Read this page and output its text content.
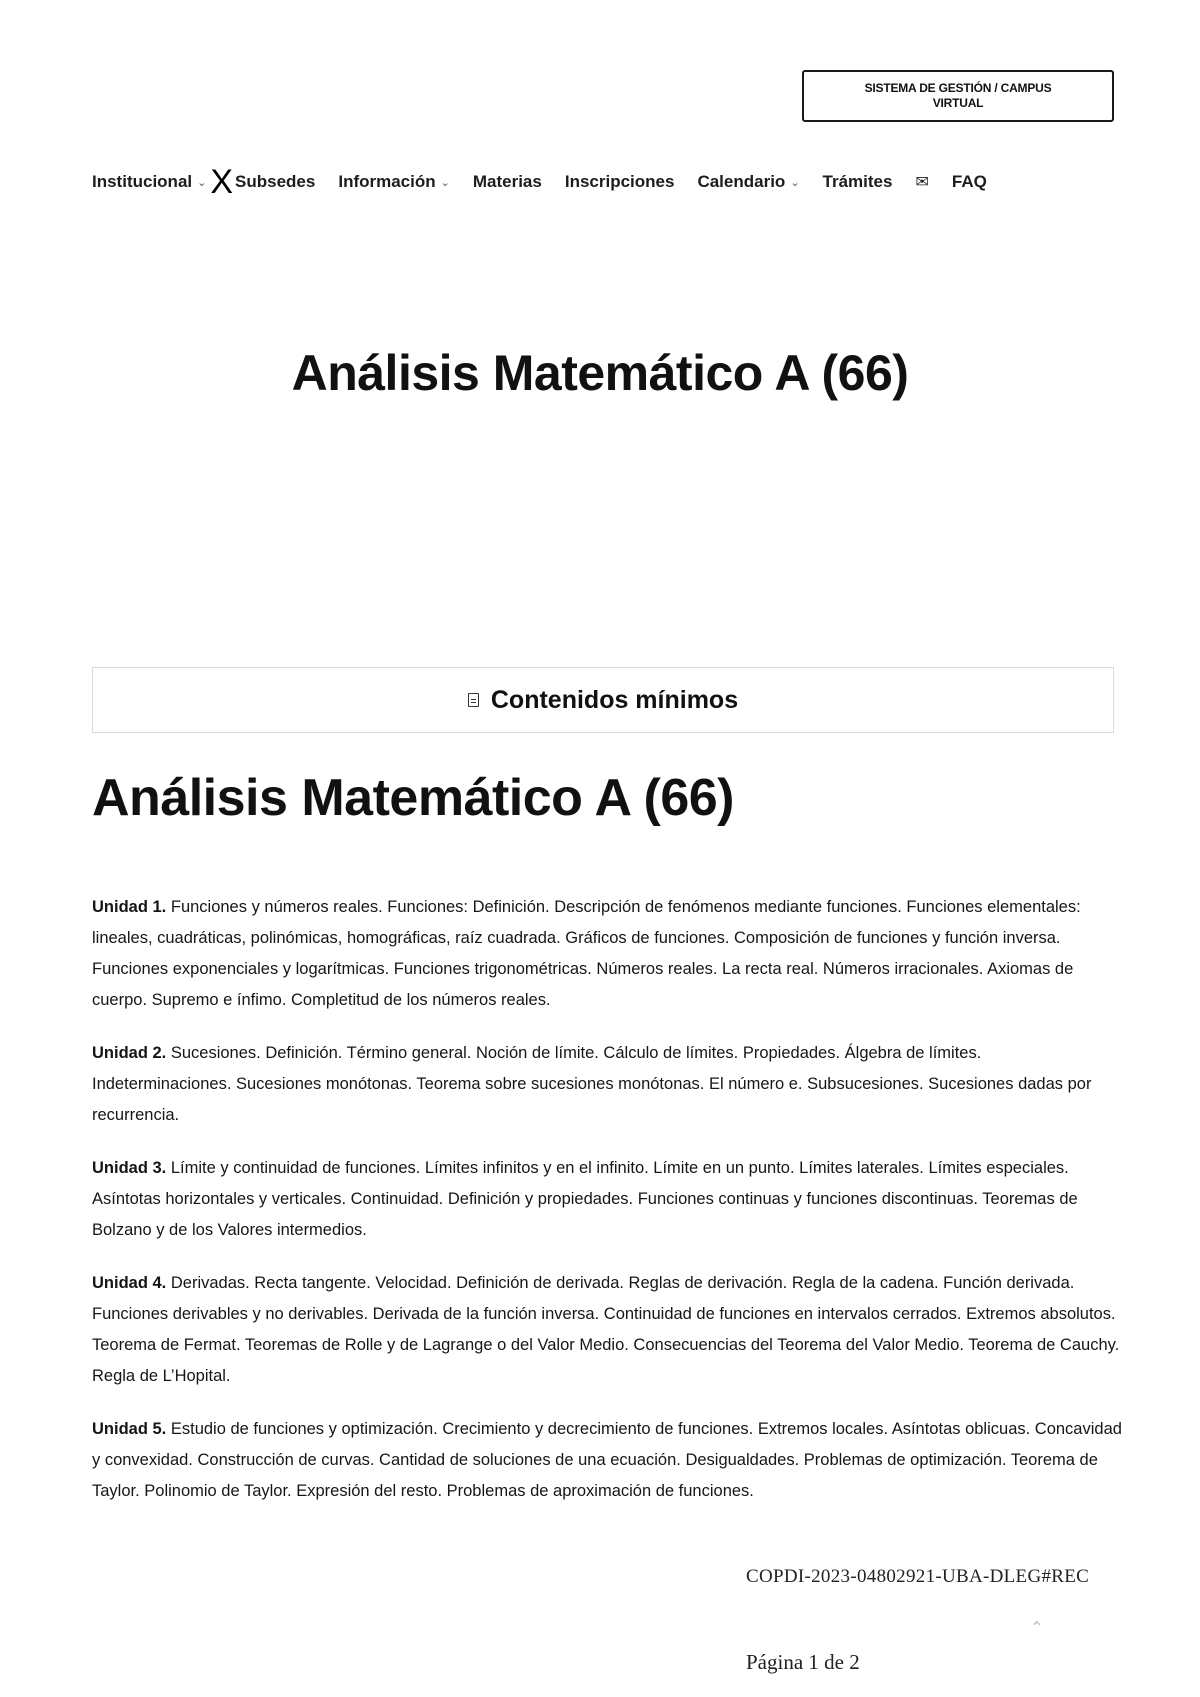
SISTEMA DE GESTIÓN / CAMPUS VIRTUAL
Institucional ⌄ X Subsedes Información ⌄ Materias Inscripciones Calendario ⌄ Trámites ✉ FAQ
Análisis Matemático A (66)
Contenidos mínimos
Análisis Matemático A (66)

Unidad 1. Funciones y números reales. Funciones: Definición. Descripción de fenómenos mediante funciones. Funciones elementales: lineales, cuadráticas, polinómicas, homográficas, raíz cuadrada. Gráficos de funciones. Composición de funciones y función inversa. Funciones exponenciales y logarítmicas. Funciones trigonométricas. Números reales. La recta real. Números irracionales. Axiomas de cuerpo. Supremo e ínfimo. Completitud de los números reales.

Unidad 2. Sucesiones. Definición. Término general. Noción de límite. Cálculo de límites. Propiedades. Álgebra de límites. Indeterminaciones. Sucesiones monótonas. Teorema sobre sucesiones monótonas. El número e. Subsucesiones. Sucesiones dadas por recurrencia.

Unidad 3. Límite y continuidad de funciones. Límites infinitos y en el infinito. Límite en un punto. Límites laterales. Límites especiales. Asíntotas horizontales y verticales. Continuidad. Definición y propiedades. Funciones continuas y funciones discontinuas. Teoremas de Bolzano y de los Valores intermedios.

Unidad 4. Derivadas. Recta tangente. Velocidad. Definición de derivada. Reglas de derivación. Regla de la cadena. Función derivada. Funciones derivables y no derivables. Derivada de la función inversa. Continuidad de funciones en intervalos cerrados. Extremos absolutos. Teorema de Fermat. Teoremas de Rolle y de Lagrange o del Valor Medio. Consecuencias del Teorema del Valor Medio. Teorema de Cauchy. Regla de L’Hopital.

Unidad 5. Estudio de funciones y optimización. Crecimiento y decrecimiento de funciones. Extremos locales. Asíntotas oblicuas. Concavidad y convexidad. Construcción de curvas. Cantidad de soluciones de una ecuación. Desigualdades. Problemas de optimización. Teorema de Taylor. Polinomio de Taylor. Expresión del resto. Problemas de aproximación de funciones.

COPDI-2023-04802921-UBA-DLEG#REC
⌃
Página 1 de 2
